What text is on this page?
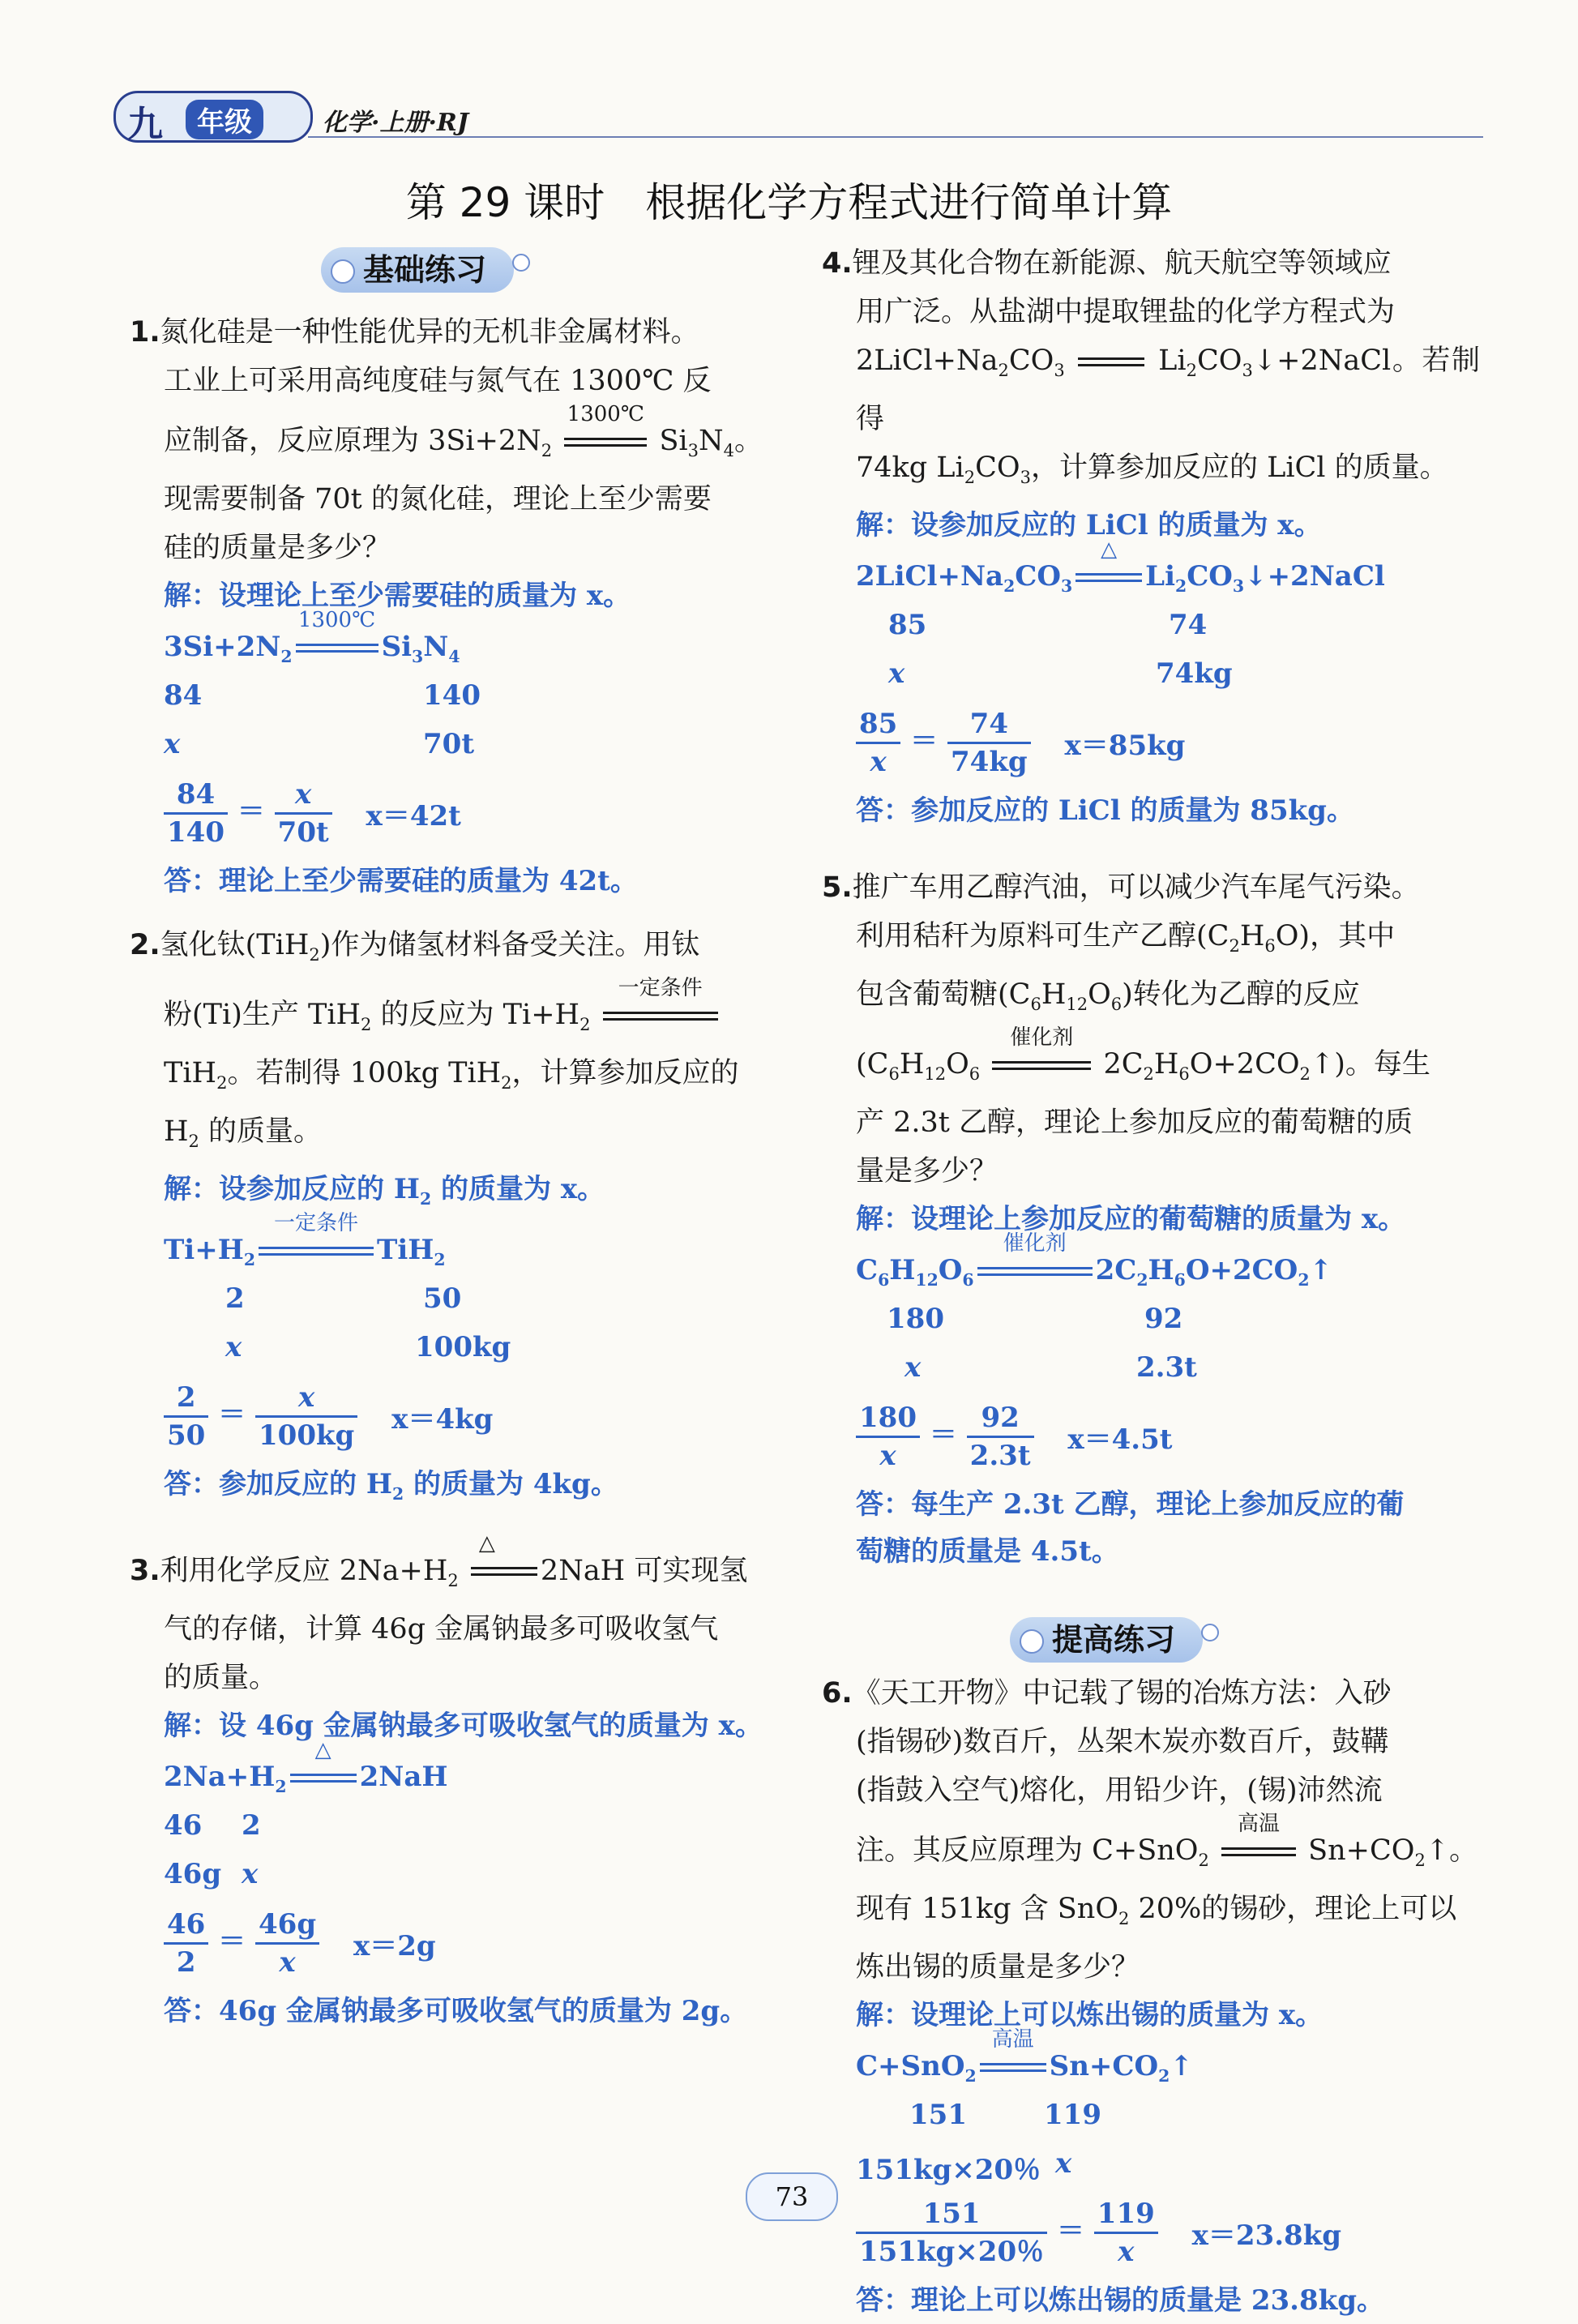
九	年级	化学·上册·RJ
第 29 课时　根据化学方程式进行简单计算
基础练习
1.氮化硅是一种性能优异的无机非金属材料。
工业上可采用高纯度硅与氮气在 1300℃ 反
应制备，反应原理为 $3Si+2N_2$
1300℃
$Si_3N_4$。
现需要制备 70t 的氮化硅，理论上至少需要
硅的质量是多少？
解：设理论上至少需要硅的质量为 x。
$3Si+2N_2$
1300℃
$Si_3N_4$
84	140
x	70t
$\frac{84}{140} = \frac{x}{70t} x=42t$
答：理论上至少需要硅的质量为 42t。
2.氢化钛(TiH$_2$)作为储氢材料备受关注。用钛
粉(Ti)生产 TiH$_2$ 的反应为 $Ti+H_2$
一定条件
TiH$_2$。若制得 100kg TiH$_2$，计算参加反应的
$H_2$ 的质量。
解：设参加反应的 $H_2$ 的质量为 x。
$Ti+H_2$
一定条件
TiH$_2$
2	50
x	100kg
$\frac{2}{50} = \frac{x}{100kg} x=4kg$
答：参加反应的 $H_2$ 的质量为 4kg。
3.利用化学反应 $2Na+H_2$
△
2NaH 可实现氢
气的存储，计算 46g 金属钠最多可吸收氢气
的质量。
解：设 46g 金属钠最多可吸收氢气的质量为 x。
$2Na+H_2$
△
2NaH
46 2
46g x
$\frac{46}{2} = \frac{46g}{x} x=2g$
答：46g 金属钠最多可吸收氢气的质量为 2g。
4.锂及其化合物在新能源、航天航空等领域应
用广泛。从盐湖中提取锂盐的化学方程式为
$2LiCl+Na_2CO_3$	$Li_2CO_3↓+2NaCl$。若制得
74kg $Li_2CO_3$，计算参加反应的 LiCl 的质量。
解：设参加反应的 LiCl 的质量为 x。
$2LiCl+Na_2CO_3$
△
$Li_2CO_3↓+2NaCl$
85	74
x	74kg
$\frac{85}{x} = \frac{74}{74kg} x=85kg$
答：参加反应的 LiCl 的质量为 85kg。
5.推广车用乙醇汽油，可以减少汽车尾气污染。
利用秸秆为原料可生产乙醇$(C_2H_6O)$，其中
包含葡萄糖$(C_6H_{12}O_6)$转化为乙醇的反应
($C_6H_{12}O_6$
催化剂
$2C_2H_6O+2CO_2↑$)。每生
产 2.3t 乙醇，理论上参加反应的葡萄糖的质
量是多少？
解：设理论上参加反应的葡萄糖的质量为 x。
$C_6H_{12}O_6$
催化剂
$2C_2H_6O+2CO_2↑$
180	92
x	2.3t
$\frac{180}{x} = \frac{92}{2.3t} x=4.5t$
答：每生产 2.3t 乙醇，理论上参加反应的葡
萄糖的质量是 4.5t。
提高练习
6.《天工开物》中记载了锡的冶炼方法：入砂
(指锡砂)数百斤，丛架木炭亦数百斤，鼓鞲
(指鼓入空气)熔化，用铅少许，(锡)沛然流
注。其反应原理为 C+SnO$_2$
高温
$Sn+CO_2↑$。
现有 151kg 含 SnO$_2$ 20%的锡砂，理论上可以
炼出锡的质量是多少？
解：设理论上可以炼出锡的质量为 x。
C+SnO$_2$
高温
$Sn+CO_2↑$
151	119
151kg×20％ x
$\frac{151}{151kg\times 20\%} = \frac{119}{x} x=23.8kg$
答：理论上可以炼出锡的质量是 23.8kg。
73
